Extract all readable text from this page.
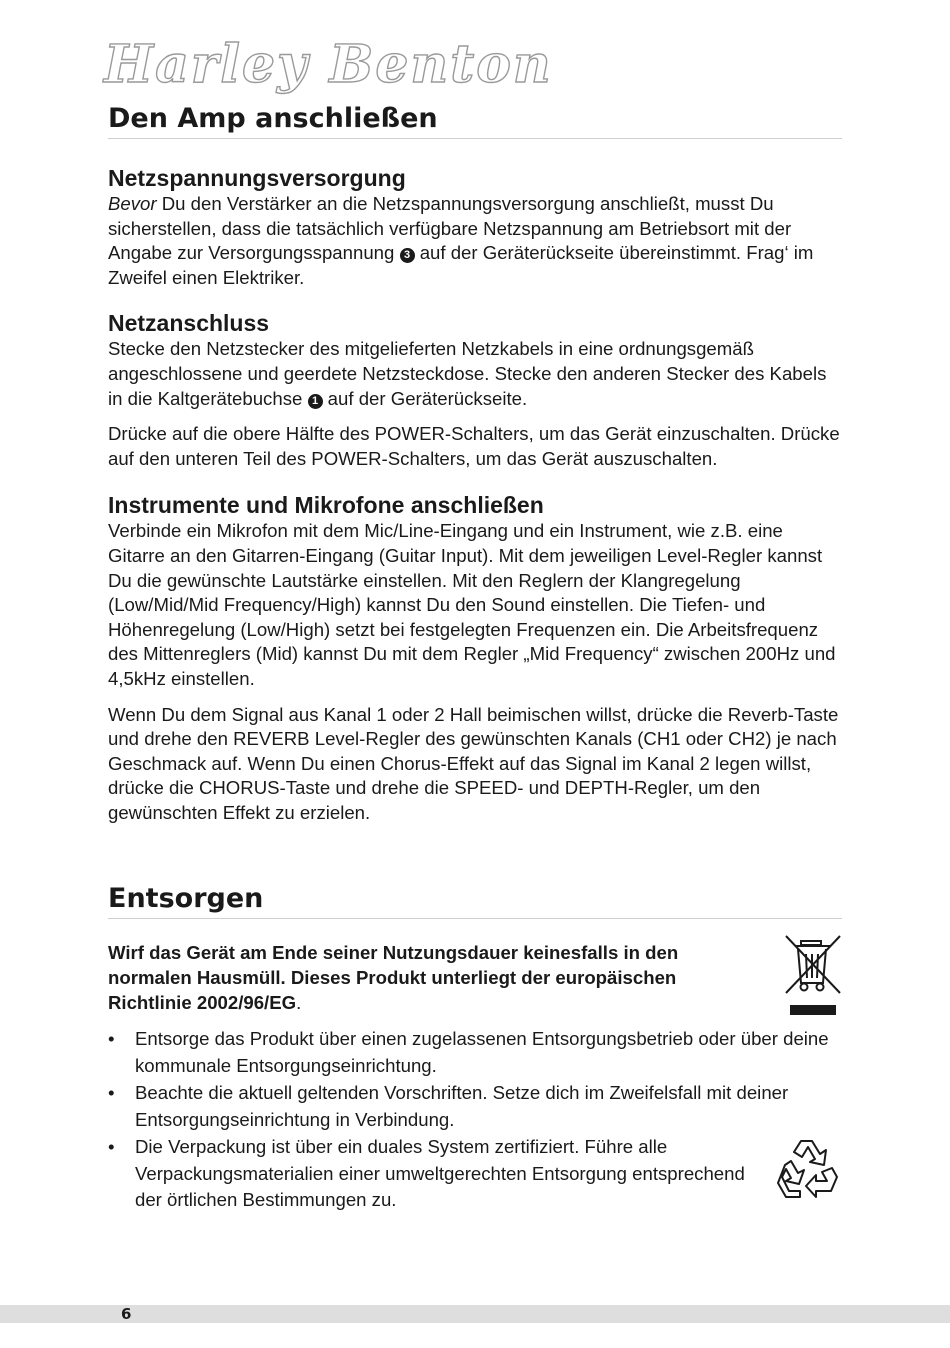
Harley Benton
Den Amp anschließen
Netzspannungsversorgung

Bevor Du den Verstärker an die Netzspannungsversorgung anschließt, musst Du sicherstellen, dass die tatsächlich verfügbare Netzspannung am Betriebsort mit der Angabe zur Versorgungsspannung 3 auf der Geräterückseite übereinstimmt. Frag‘ im Zweifel einen Elektriker.

Netzanschluss

Stecke den Netzstecker des mitgelieferten Netzkabels in eine ordnungsgemäß angeschlossene und geerdete Netzsteckdose. Stecke den anderen Stecker des Kabels in die Kaltgerätebuchse 1 auf der Geräterückseite.

Drücke auf die obere Hälfte des POWER-Schalters, um das Gerät einzuschalten. Drücke auf den unteren Teil des POWER-Schalters, um das Gerät auszuschalten.

Instrumente und Mikrofone anschließen

Verbinde ein Mikrofon mit dem Mic/Line-Eingang und ein Instrument, wie z.B. eine Gitarre an den Gitarren-Eingang (Guitar Input). Mit dem jeweiligen Level-Regler kannst Du die gewünschte Lautstärke einstellen. Mit den Reglern der Klangregelung (Low/Mid/Mid Frequency/High) kannst Du den Sound einstellen. Die Tiefen- und Höhenregelung (Low/High) setzt bei festgelegten Frequenzen ein. Die Arbeitsfrequenz des Mittenreglers (Mid) kannst Du mit dem Regler „Mid Frequency“ zwischen 200Hz und 4,5kHz einstellen.

Wenn Du dem Signal aus Kanal 1 oder 2 Hall beimischen willst, drücke die Reverb-Taste und drehe den REVERB Level-Regler des gewünschten Kanals (CH1 oder CH2) je nach Geschmack auf. Wenn Du einen Chorus-Effekt auf das Signal im Kanal 2 legen willst, drücke die CHORUS-Taste und drehe die SPEED- und DEPTH-Regler, um den gewünschten Effekt zu erzielen.

Entsorgen
Wirf das Gerät am Ende seiner Nutzungsdauer keinesfalls in den normalen Hausmüll. Dieses Produkt unterliegt der europäischen Richtlinie 2002/96/EG.
• Entsorge das Produkt über einen zugelassenen Entsorgungsbetrieb oder über deine kommunale Entsorgungseinrichtung.
• Beachte die aktuell geltenden Vorschriften. Setze dich im Zweifelsfall mit deiner Entsorgungseinrichtung in Verbindung.
• Die Verpackung ist über ein duales System zertifiziert. Führe alle Verpackungsmaterialien einer umweltgerechten Entsorgung entsprechend der örtlichen Bestimmungen zu.
6
